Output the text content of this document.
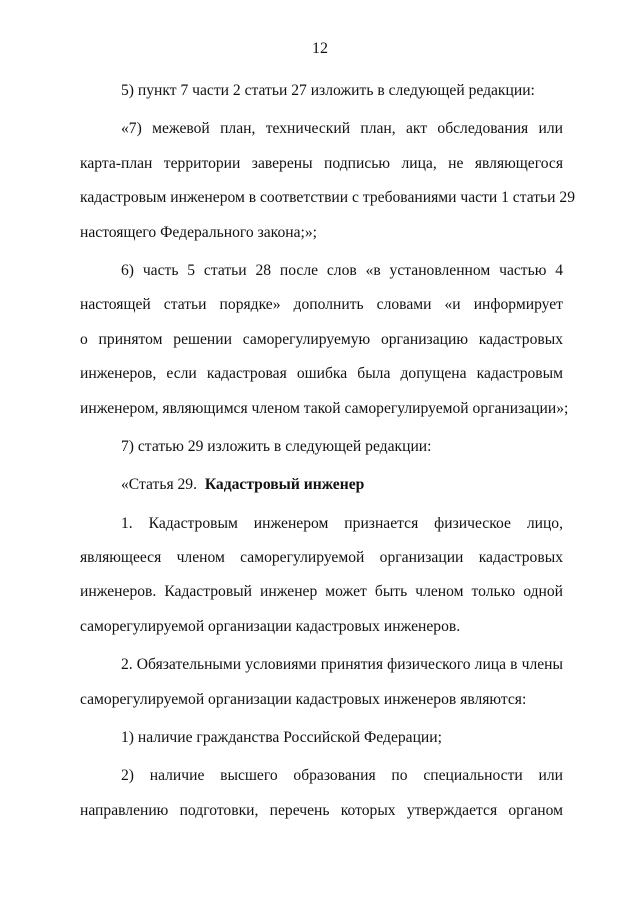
12
5) пункт 7 части 2 статьи 27 изложить в следующей редакции:
«7) межевой план, технический план, акт обследования или
карта-план территории заверены подписью лица, не являющегося
кадастровым инженером в соответствии с требованиями части 1 статьи 29
настоящего Федерального закона;»;
6) часть 5 статьи 28 после слов «в установленном частью 4
настоящей статьи порядке» дополнить словами «и информирует
о принятом решении саморегулируемую организацию кадастровых
инженеров, если кадастровая ошибка была допущена кадастровым
инженером, являющимся членом такой саморегулируемой организации»;
7) статью 29 изложить в следующей редакции:
«Статья 29. Кадастровый инженер
1. Кадастровым инженером признается физическое лицо,
являющееся членом саморегулируемой организации кадастровых
инженеров. Кадастровый инженер может быть членом только одной
саморегулируемой организации кадастровых инженеров.
2. Обязательными условиями принятия физического лица в члены
саморегулируемой организации кадастровых инженеров являются:
1) наличие гражданства Российской Федерации;
2) наличие высшего образования по специальности или
направлению подготовки, перечень которых утверждается органом
